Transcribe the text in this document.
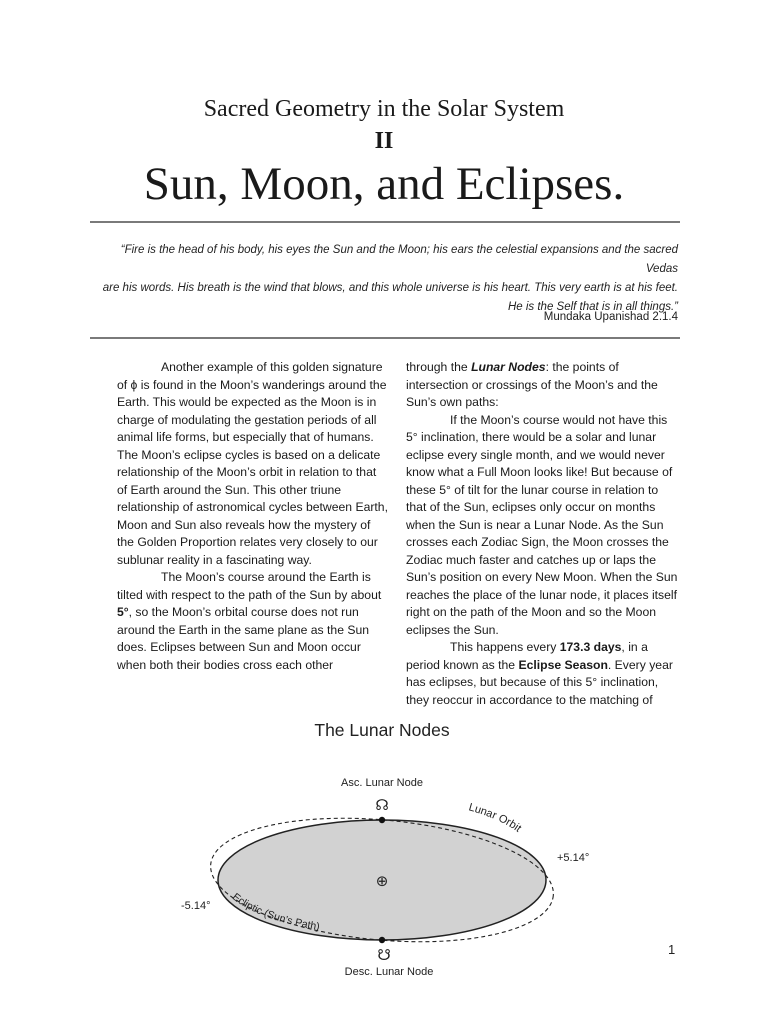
Sacred Geometry in the Solar System
II
Sun, Moon, and Eclipses.
“Fire is the head of his body, his eyes the Sun and the Moon; his ears the celestial expansions and the sacred Vedas
are his words. His breath is the wind that blows, and this whole universe is his heart. This very earth is at his feet.
He is the Self that is in all things.”
Mundaka Upanishad 2.1.4

Another example of this golden signature of ϕ is found in the Moon’s wanderings around the Earth. This would be expected as the Moon is in charge of modulating the gestation periods of all animal life forms, but especially that of humans. The Moon’s eclipse cycles is based on a delicate relationship of the Moon’s orbit in relation to that of Earth around the Sun. This other triune relationship of astronomical cycles between Earth, Moon and Sun also reveals how the mystery of the Golden Proportion relates very closely to our sublunar reality in a fascinating way.

The Moon’s course around the Earth is tilted with respect to the path of the Sun by about 5°, so the Moon’s orbital course does not run around the Earth in the same plane as the Sun does. Eclipses between Sun and Moon occur when both their bodies cross each other

through the Lunar Nodes: the points of intersection or crossings of the Moon’s and the Sun’s own paths:

If the Moon’s course would not have this 5° inclination, there would be a solar and lunar eclipse every single month, and we would never know what a Full Moon looks like! But because of these 5° of tilt for the lunar course in relation to that of the Sun, eclipses only occur on months when the Sun is near a Lunar Node. As the Sun crosses each Zodiac Sign, the Moon crosses the Zodiac much faster and catches up or laps the Sun’s position on every New Moon. When the Sun reaches the place of the lunar node, it places itself right on the path of the Moon and so the Moon eclipses the Sun.

This happens every 173.3 days, in a period known as the Eclipse Season. Every year has eclipses, but because of this 5° inclination, they reoccur in accordance to the matching of

The Lunar Nodes
⊕
Asc. Lunar Node
☊
☋
Desc. Lunar Node
Lunar Orbit
Ecliptic (Sun’s Path)
+5.14°
-5.14°
1
